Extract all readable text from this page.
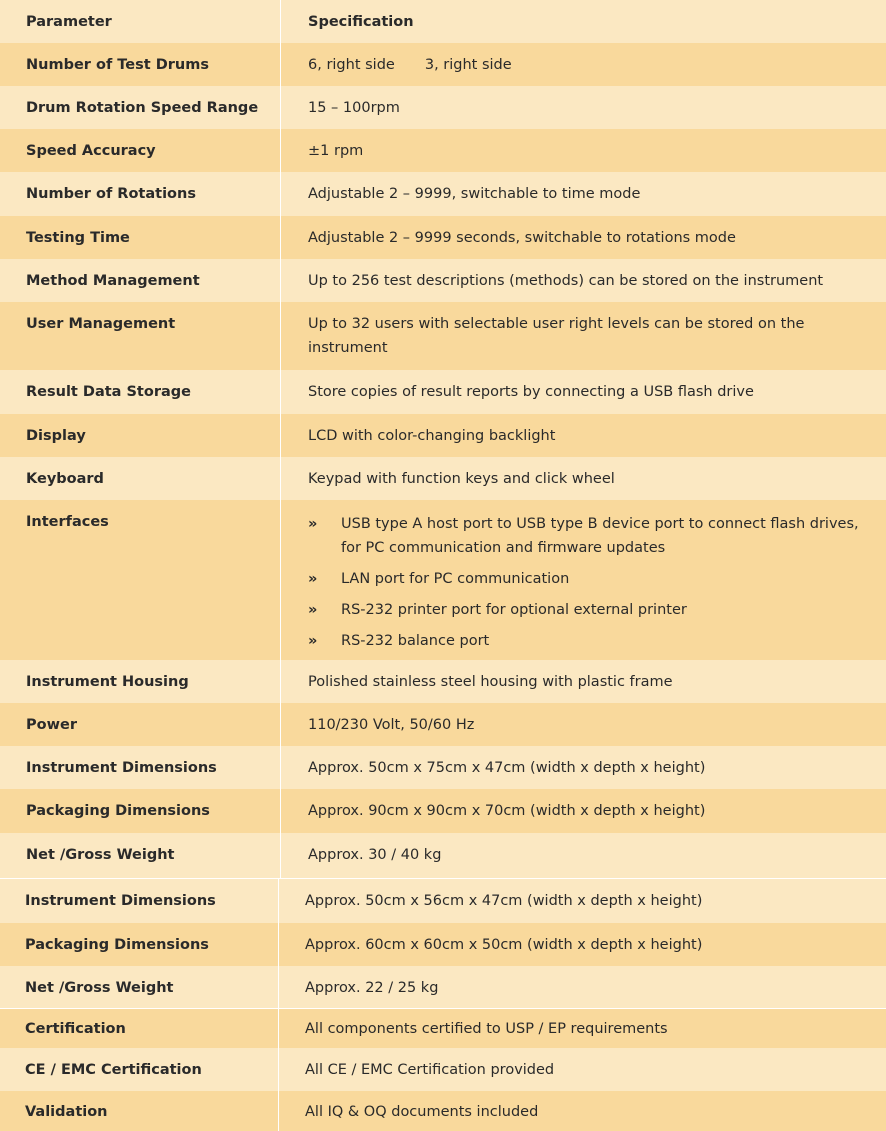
Parameter	Specification
Number of Test Drums	6, right side 3, right side
Drum Rotation Speed Range	15 – 100rpm
Speed Accuracy	±1 rpm
Number of Rotations	Adjustable 2 – 9999, switchable to time mode
Testing Time	Adjustable 2 – 9999 seconds, switchable to rotations mode
Method Management	Up to 256 test descriptions (methods) can be stored on the instrument
User Management	Up to 32 users with selectable user right levels can be stored on the
instrument
Result Data Storage	Store copies of result reports by connecting a USB flash drive
Display	LCD with color-changing backlight
Keyboard	Keypad with function keys and click wheel
Interfaces	» USB type A host port to USB type B device port to connect flash drives,
for PC communication and firmware updates
» LAN port for PC communication
» RS-232 printer port for optional external printer
» RS-232 balance port
Instrument Housing	Polished stainless steel housing with plastic frame
Power	110/230 Volt, 50/60 Hz
Instrument Dimensions	Approx. 50cm x 75cm x 47cm (width x depth x height)
Packaging Dimensions	Approx. 90cm x 90cm x 70cm (width x depth x height)
Net /Gross Weight	Approx. 30 / 40 kg
Instrument Dimensions	Approx. 50cm x 56cm x 47cm (width x depth x height)
Packaging Dimensions	Approx. 60cm x 60cm x 50cm (width x depth x height)
Net /Gross Weight	Approx. 22 / 25 kg
Certification	All components certified to USP / EP requirements
CE / EMC Certification	All CE / EMC Certification provided
Validation	All IQ & OQ documents included
